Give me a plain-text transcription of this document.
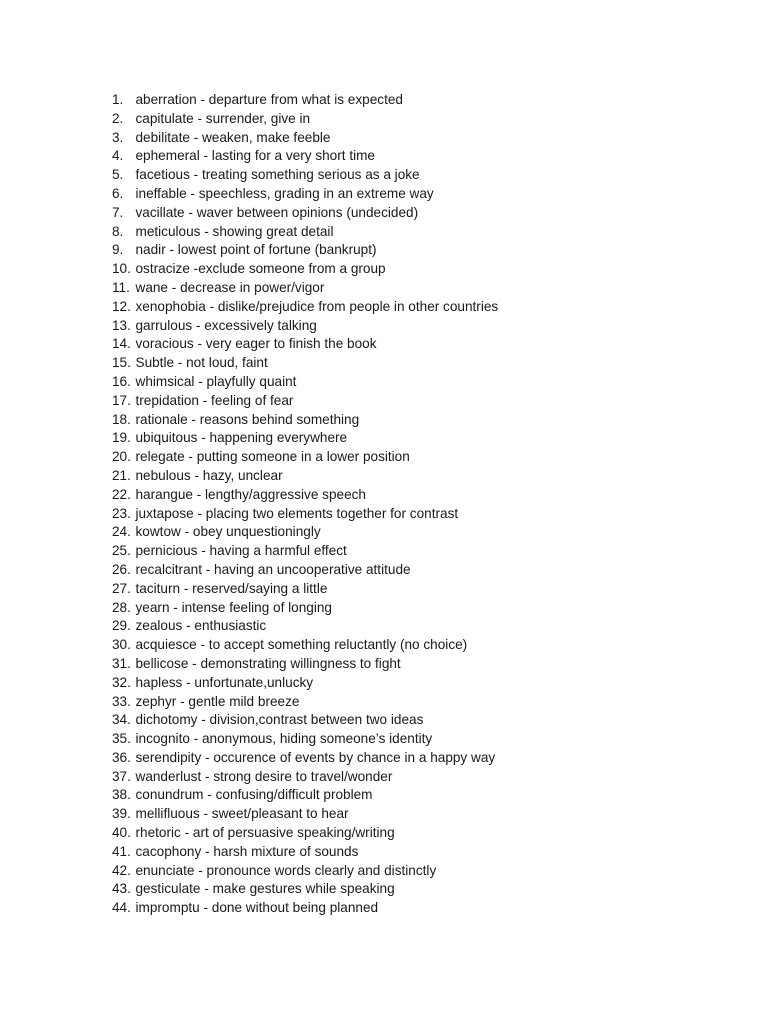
1. aberration - departure from what is expected
2. capitulate - surrender, give in
3. debilitate - weaken, make feeble
4. ephemeral - lasting for a very short time
5. facetious - treating something serious as a joke
6. ineffable - speechless, grading in an extreme way
7. vacillate - waver between opinions (undecided)
8. meticulous - showing great detail
9. nadir - lowest point of fortune (bankrupt)
10. ostracize -exclude someone from a group
11. wane - decrease in power/vigor
12. xenophobia - dislike/prejudice from people in other countries
13. garrulous - excessively talking
14. voracious - very eager to finish the book
15. Subtle - not loud, faint
16. whimsical - playfully quaint
17. trepidation - feeling of fear
18. rationale - reasons behind something
19. ubiquitous - happening everywhere
20. relegate - putting someone in a lower position
21. nebulous - hazy, unclear
22. harangue - lengthy/aggressive speech
23. juxtapose - placing two elements together for contrast
24. kowtow - obey unquestioningly
25. pernicious - having a harmful effect
26. recalcitrant - having an uncooperative attitude
27. taciturn - reserved/saying a little
28. yearn - intense feeling of longing
29. zealous - enthusiastic
30. acquiesce - to accept something reluctantly (no choice)
31. bellicose - demonstrating willingness to fight
32. hapless - unfortunate,unlucky
33. zephyr - gentle mild breeze
34. dichotomy - division,contrast between two ideas
35. incognito - anonymous, hiding someone’s identity
36. serendipity - occurence of events by chance in a happy way
37. wanderlust - strong desire to travel/wonder
38. conundrum - confusing/difficult problem
39. mellifluous - sweet/pleasant to hear
40. rhetoric - art of persuasive speaking/writing
41. cacophony - harsh mixture of sounds
42. enunciate - pronounce words clearly and distinctly
43. gesticulate - make gestures while speaking
44. impromptu - done without being planned
